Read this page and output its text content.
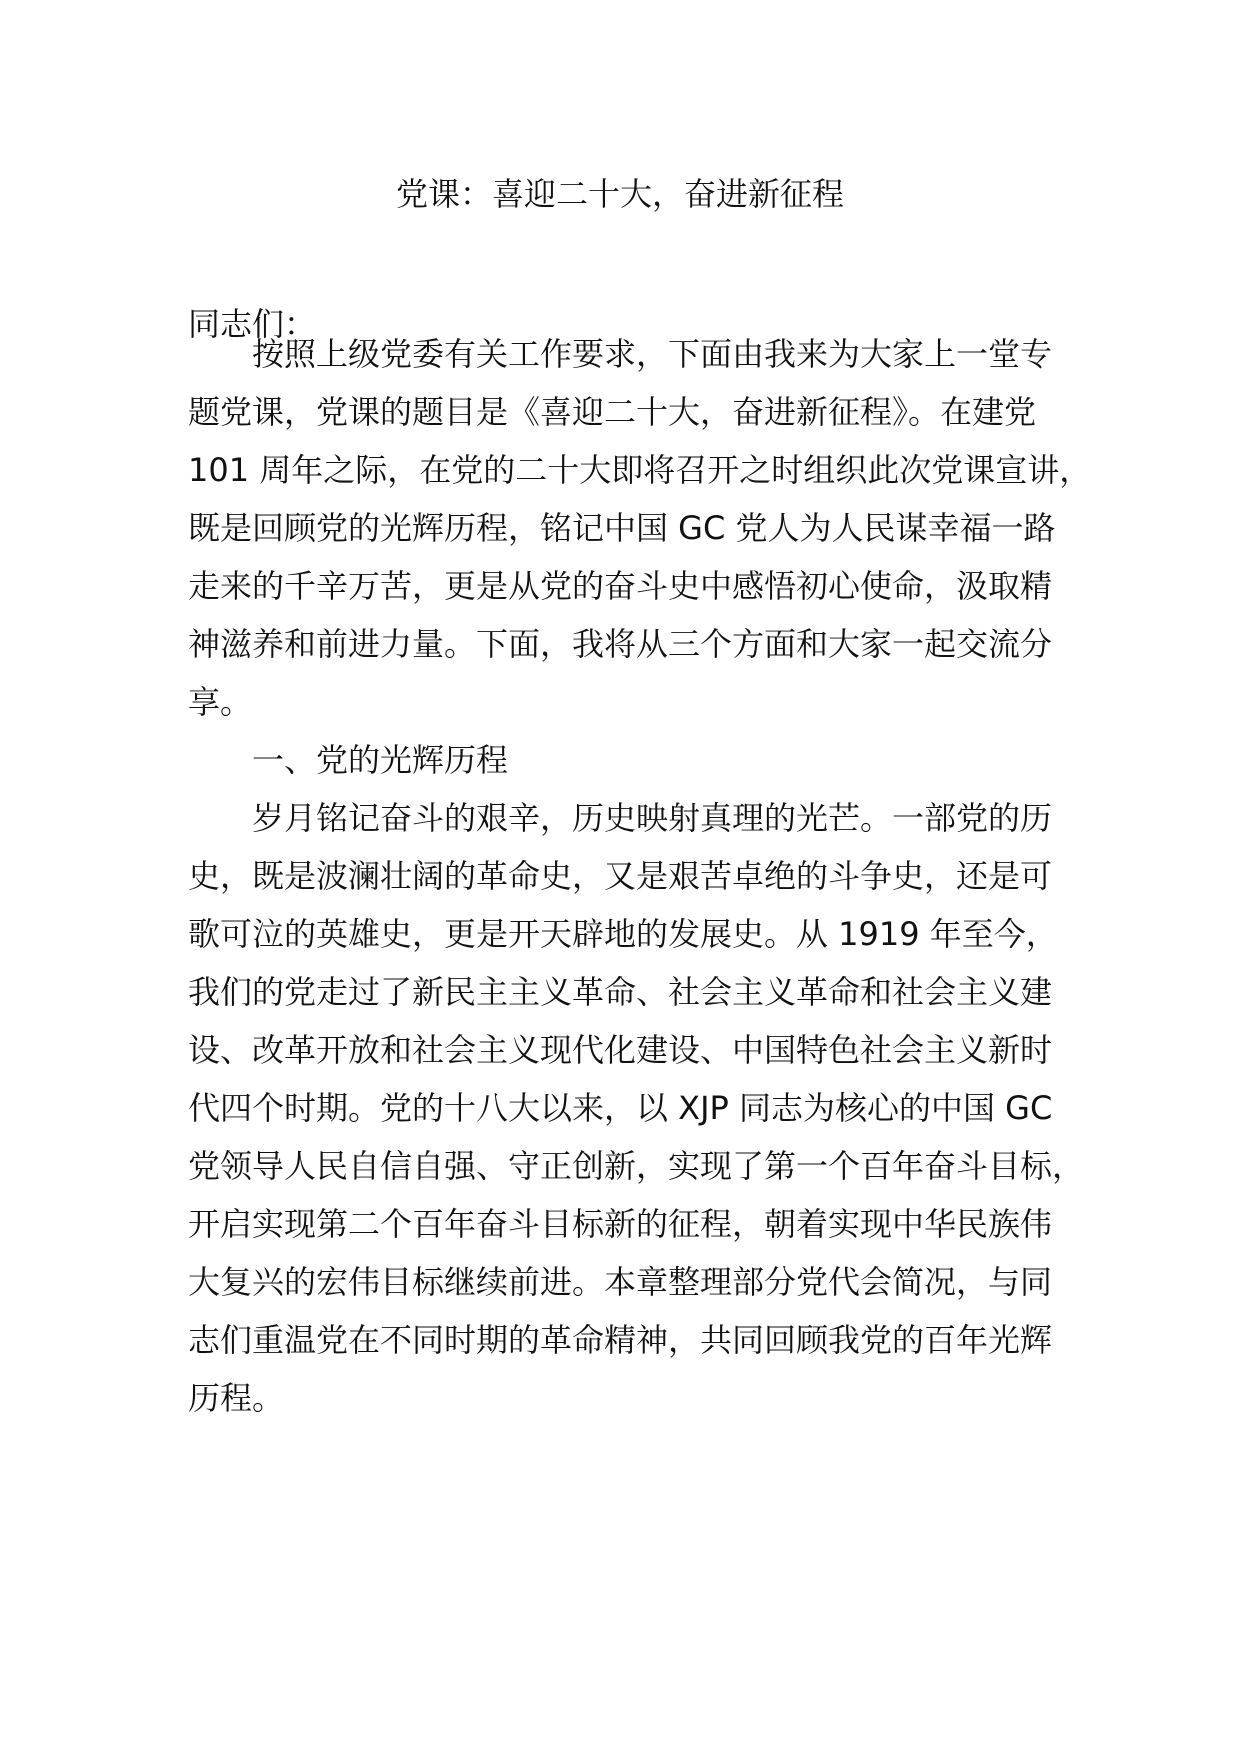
党课：喜迎二十大，奋进新征程
同志们：
按照上级党委有关工作要求，下面由我来为大家上一堂专
题党课，党课的题目是《喜迎二十大，奋进新征程》。在建党
101 周年之际，在党的二十大即将召开之时组织此次党课宣讲，
既是回顾党的光辉历程，铭记中国 GC 党人为人民谋幸福一路
走来的千辛万苦，更是从党的奋斗史中感悟初心使命，汲取精
神滋养和前进力量。下面，我将从三个方面和大家一起交流分
享。
一、党的光辉历程
岁月铭记奋斗的艰辛，历史映射真理的光芒。一部党的历
史，既是波澜壮阔的革命史，又是艰苦卓绝的斗争史，还是可
歌可泣的英雄史，更是开天辟地的发展史。从 1919 年至今，
我们的党走过了新民主主义革命、社会主义革命和社会主义建
设、改革开放和社会主义现代化建设、中国特色社会主义新时
代四个时期。党的十八大以来，以 XJP 同志为核心的中国 GC
党领导人民自信自强、守正创新，实现了第一个百年奋斗目标，
开启实现第二个百年奋斗目标新的征程，朝着实现中华民族伟
大复兴的宏伟目标继续前进。本章整理部分党代会简况，与同
志们重温党在不同时期的革命精神，共同回顾我党的百年光辉
历程。
